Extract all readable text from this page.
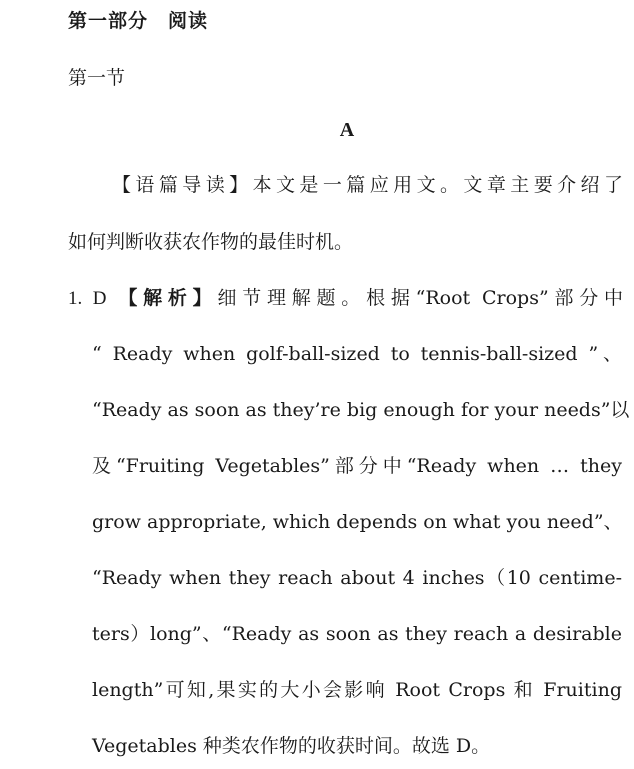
第一部分　阅读
第一节
A
【语篇导读】本文是一篇应用文。文章主要介绍了
如何判断收获农作物的最佳时机。
1. D 【解析】细节理解题。根据“Root Crops”部分中
“ Ready when golf-ball-sized to tennis-ball-sized ”、
“Ready as soon as they’re big enough for your needs”以
及“Fruiting Vegetables”部分中“Ready when … they
grow appropriate, which depends on what you need”、
“Ready when they reach about 4 inches（10 centime-
ters）long”、“Ready as soon as they reach a desirable
length”可知,果实的大小会影响 Root Crops 和 Fruiting
Vegetables 种类农作物的收获时间。故选 D。
